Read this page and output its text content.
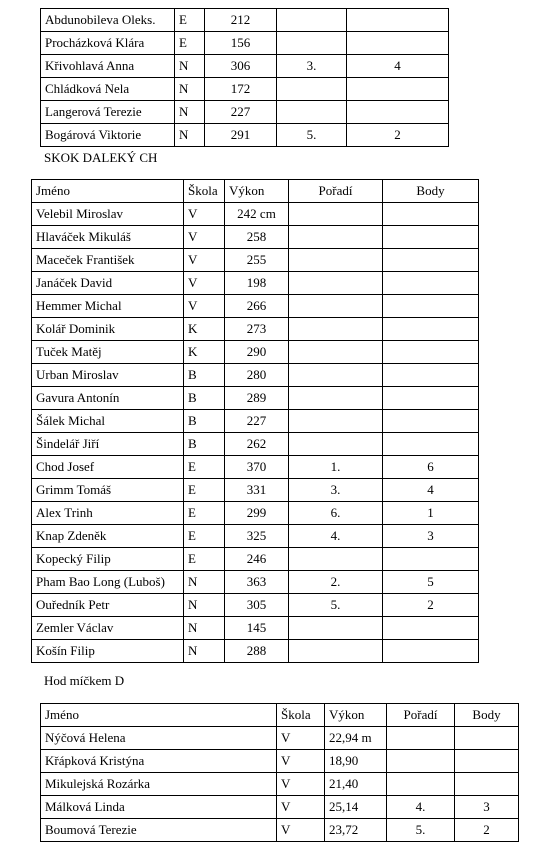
Abdunobileva Oleks.	E	212		
Procházková Klára	E	156		
Křivohlavá Anna	N	306	3.	4
Chládková Nela	N	172		
Langerová Terezie	N	227		
Bogárová Viktorie	N	291	5.	2
SKOK DALEKÝ CH
Jméno	Škola	Výkon	Pořadí	Body
Velebil Miroslav	V	242 cm		
Hlaváček Mikuláš	V	258		
Maceček František	V	255		
Janáček David	V	198		
Hemmer Michal	V	266		
Kolář Dominik	K	273		
Tuček Matěj	K	290		
Urban Miroslav	B	280		
Gavura Antonín	B	289		
Šálek Michal	B	227		
Šindelář Jiří	B	262		
Chod Josef	E	370	1.	6
Grimm Tomáš	E	331	3.	4
Alex Trinh	E	299	6.	1
Knap Zdeněk	E	325	4.	3
Kopecký Filip	E	246		
Pham Bao Long (Luboš)	N	363	2.	5
Ouředník Petr	N	305	5.	2
Zemler Václav	N	145		
Košín Filip	N	288		
Hod míčkem D
Jméno	Škola	Výkon	Pořadí	Body
Nýčová Helena	V	22,94 m		
Křápková Kristýna	V	18,90		
Mikulejská Rozárka	V	21,40		
Málková Linda	V	25,14	4.	3
Boumová Terezie	V	23,72	5.	2
